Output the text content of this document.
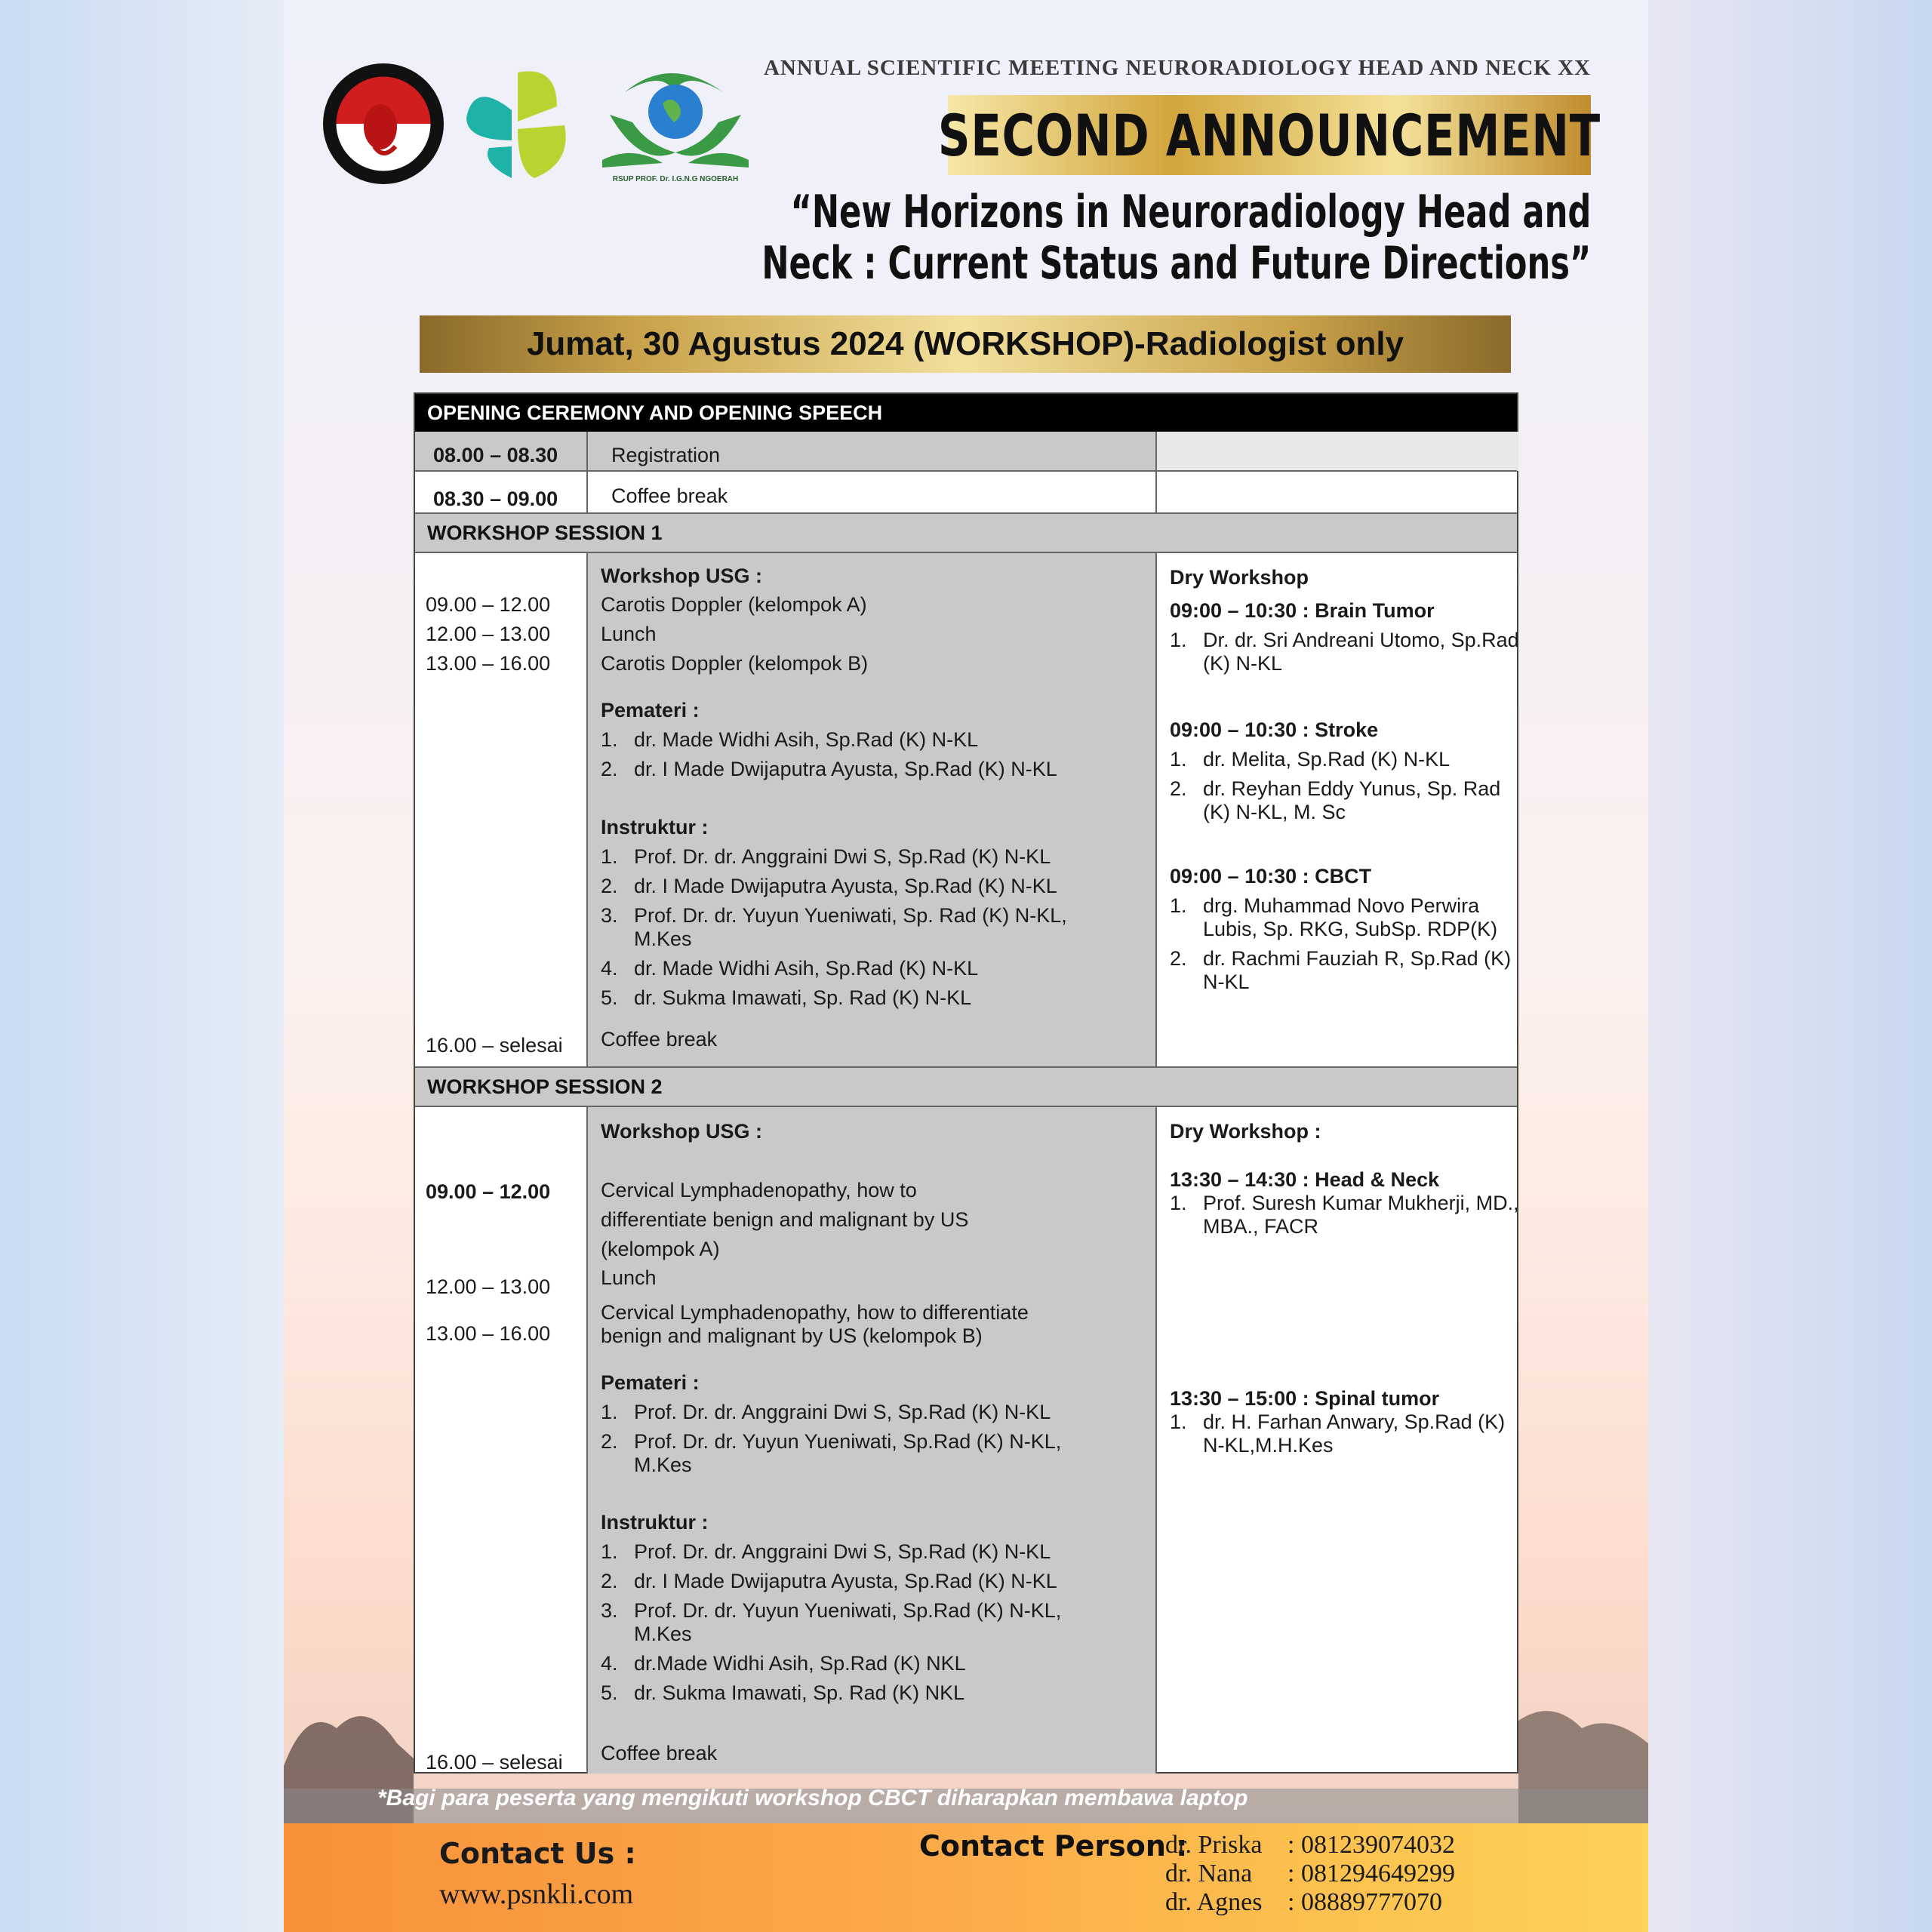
RSUP PROF. Dr. I.G.N.G NGOERAH
ANNUAL SCIENTIFIC MEETING NEURORADIOLOGY HEAD AND NECK XX
SECOND ANNOUNCEMENT
“New Horizons in Neuroradiology Head and
Neck : Current Status and Future Directions”
Jumat, 30 Agustus 2024 (WORKSHOP)-Radiologist only
OPENING CEREMONY AND OPENING SPEECH
08.00 – 08.30	Registration
08.30 – 09.00	Coffee break
WORKSHOP SESSION 1
09.00 – 12.00
12.00 – 13.00
13.00 – 16.00
16.00 – selesai
Workshop USG :
Carotis Doppler (kelompok A)
Lunch
Carotis Doppler (kelompok B)
Pemateri :
1. dr. Made Widhi Asih, Sp.Rad (K) N-KL
2. dr. I Made Dwijaputra Ayusta, Sp.Rad (K) N-KL
Instruktur :
1. Prof. Dr. dr. Anggraini Dwi S, Sp.Rad (K) N-KL
2. dr. I Made Dwijaputra Ayusta, Sp.Rad (K) N-KL
3. Prof. Dr. dr. Yuyun Yueniwati, Sp. Rad (K) N-KL,
M.Kes
4. dr. Made Widhi Asih, Sp.Rad (K) N-KL
5. dr. Sukma Imawati, Sp. Rad (K) N-KL
Coffee break
Dry Workshop
09:00 – 10:30 : Brain Tumor
1. Dr. dr. Sri Andreani Utomo, Sp.Rad
(K) N-KL
09:00 – 10:30 : Stroke
1. dr. Melita, Sp.Rad (K) N-KL
2. dr. Reyhan Eddy Yunus, Sp. Rad
(K) N-KL, M. Sc
09:00 – 10:30 : CBCT
1. drg. Muhammad Novo Perwira
Lubis, Sp. RKG, SubSp. RDP(K)
2. dr. Rachmi Fauziah R, Sp.Rad (K)
N-KL
WORKSHOP SESSION 2
09.00 – 12.00
12.00 – 13.00
13.00 – 16.00
16.00 – selesai
Workshop USG :
Cervical Lymphadenopathy, how to
differentiate benign and malignant by US
(kelompok A)
Lunch
Cervical Lymphadenopathy, how to differentiate
benign and malignant by US (kelompok B)
Pemateri :
1. Prof. Dr. dr. Anggraini Dwi S, Sp.Rad (K) N-KL
2. Prof. Dr. dr. Yuyun Yueniwati, Sp.Rad (K) N-KL,
M.Kes
Instruktur :
1. Prof. Dr. dr. Anggraini Dwi S, Sp.Rad (K) N-KL
2. dr. I Made Dwijaputra Ayusta, Sp.Rad (K) N-KL
3. Prof. Dr. dr. Yuyun Yueniwati, Sp.Rad (K) N-KL,
M.Kes
4. dr.Made Widhi Asih, Sp.Rad (K) NKL
5. dr. Sukma Imawati, Sp. Rad (K) NKL
Coffee break
Dry Workshop :
13:30 – 14:30 : Head & Neck
1. Prof. Suresh Kumar Mukherji, MD.,
MBA., FACR
13:30 – 15:00 : Spinal tumor
1. dr. H. Farhan Anwary, Sp.Rad (K)
N-KL,M.H.Kes
*Bagi para peserta yang mengikuti workshop CBCT diharapkan membawa laptop
Contact Us :
www.psnkli.com
Contact Person :
dr. Priska : 081239074032
dr. Nana : 081294649299
dr. Agnes : 08889777070
